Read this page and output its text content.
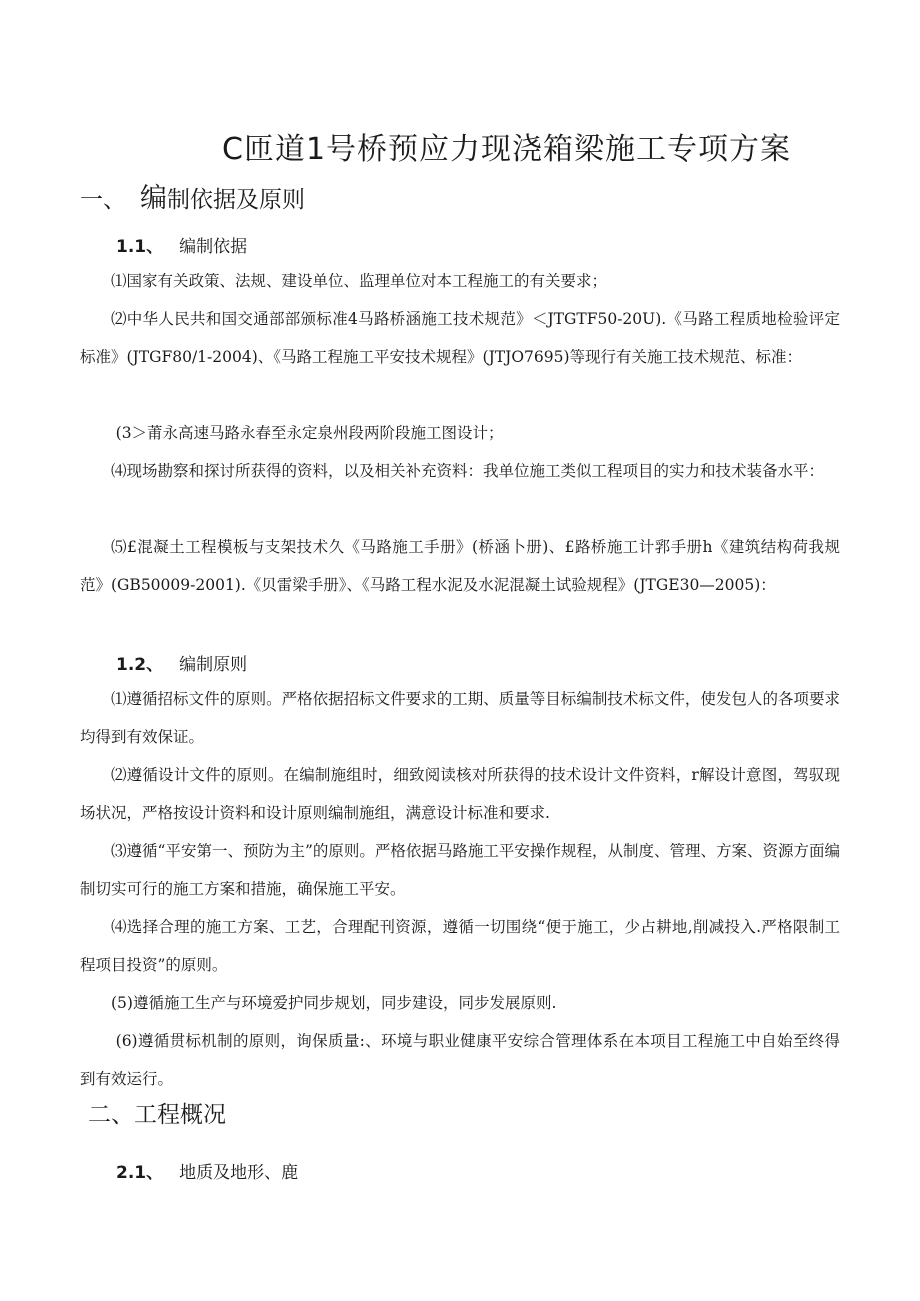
C匝道1号桥预应力现浇箱梁施工专项方案
一、 编制依据及原则
1.1、 编制依据

⑴国家有关政策、法规、建设单位、监理单位对本工程施工的有关要求；

⑵中华人民共和国交通部部颁标准4马路桥涵施工技术规范》＜JTGTF50-20U).《马路工程质地检验评定标准》(JTGF80/1-2004)、《马路工程施工平安技术规程》(JTJO7695)等现行有关施工技术规范、标准：

(3＞莆永高速马路永春至永定泉州段两阶段施工图设计；

⑷现场勘察和探讨所获得的资料，以及相关补充资料：我单位施工类似工程项目的实力和技术装备水平：

⑸£混凝土工程模板与支架技术久《马路施工手册》(桥涵卜册)、£路桥施工计郛手册h《建筑结构荷我规范》(GB50009-2001).《贝雷梁手册》、《马路工程水泥及水泥混凝土试验规程》(JTGE30—2005)：

1.2、 编制原则

⑴遵循招标文件的原则。严格依据招标文件要求的工期、质量等目标编制技术标文件，使发包人的各项要求均得到有效保证。

⑵遵循设计文件的原则。在编制施组时，细致阅读核对所获得的技术设计文件资料，r解设计意图，驾驭现场状况，严格按设计资料和设计原则编制施组，满意设计标准和要求.

⑶遵循“平安第一、预防为主”的原则。严格依据马路施工平安操作规程，从制度、管理、方案、资源方面编制切实可行的施工方案和措施，确保施工平安。

⑷选择合理的施工方案、工艺，合理配刊资源，遵循一切围绕“便于施工，少占耕地,削减投入.严格限制工程项目投资”的原则。

(5)遵循施工生产与环境爱护同步规划，同步建设，同步发展原则.

(6)遵循贯标机制的原则，询保质量:、环境与职业健康平安综合管理体系在本项目工程施工中自始至终得到有效运行。

二、工程概况
2.1、 地质及地形、鹿
